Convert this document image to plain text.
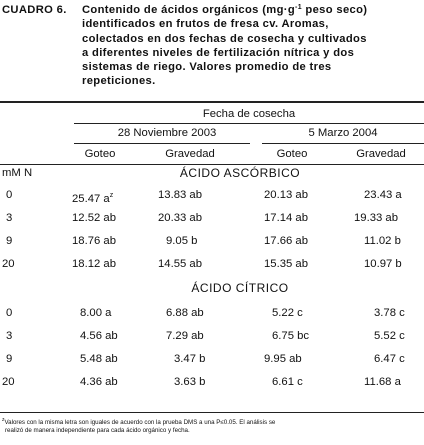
CUADRO 6. Contenido de ácidos orgánicos ($mg\cdot g^{-1}$ peso seco)
identificados en frutos de fresa cv. Aromas,
colectados en dos fechas de cosecha y cultivados
a diferentes niveles de fertilización nítrica y dos
sistemas de riego. Valores promedio de tres
repeticiones.
Fecha de cosecha
28 Noviembre 2003	5 Marzo 2004
Goteo	Gravedad	Goteo	Gravedad
mM N	ÁCIDO ASCÓRBICO
0	25.47 $a^z$	13.83 ab	20.13 ab	23.43 a
3	12.52 ab	20.33 ab	17.14 ab	19.33 ab
9	18.76 ab	9.05 b	17.66 ab	11.02 b
20	18.12 ab	14.55 ab	15.35 ab	10.97 b
ÁCIDO CÍTRICO
0	8.00 a	6.88 ab	5.22 c	3.78 c
3	4.56 ab	7.29 ab	6.75 bc	5.52 c
9	5.48 ab	3.47 b	9.95 ab	6.47 c
20	4.36 ab	3.63 b	6.61 c	11.68 a
$^z$Valores con la misma letra son iguales de acuerdo con la prueba DMS a una P≤0.05. El análisis se
realizó de manera independiente para cada ácido orgánico y fecha.
